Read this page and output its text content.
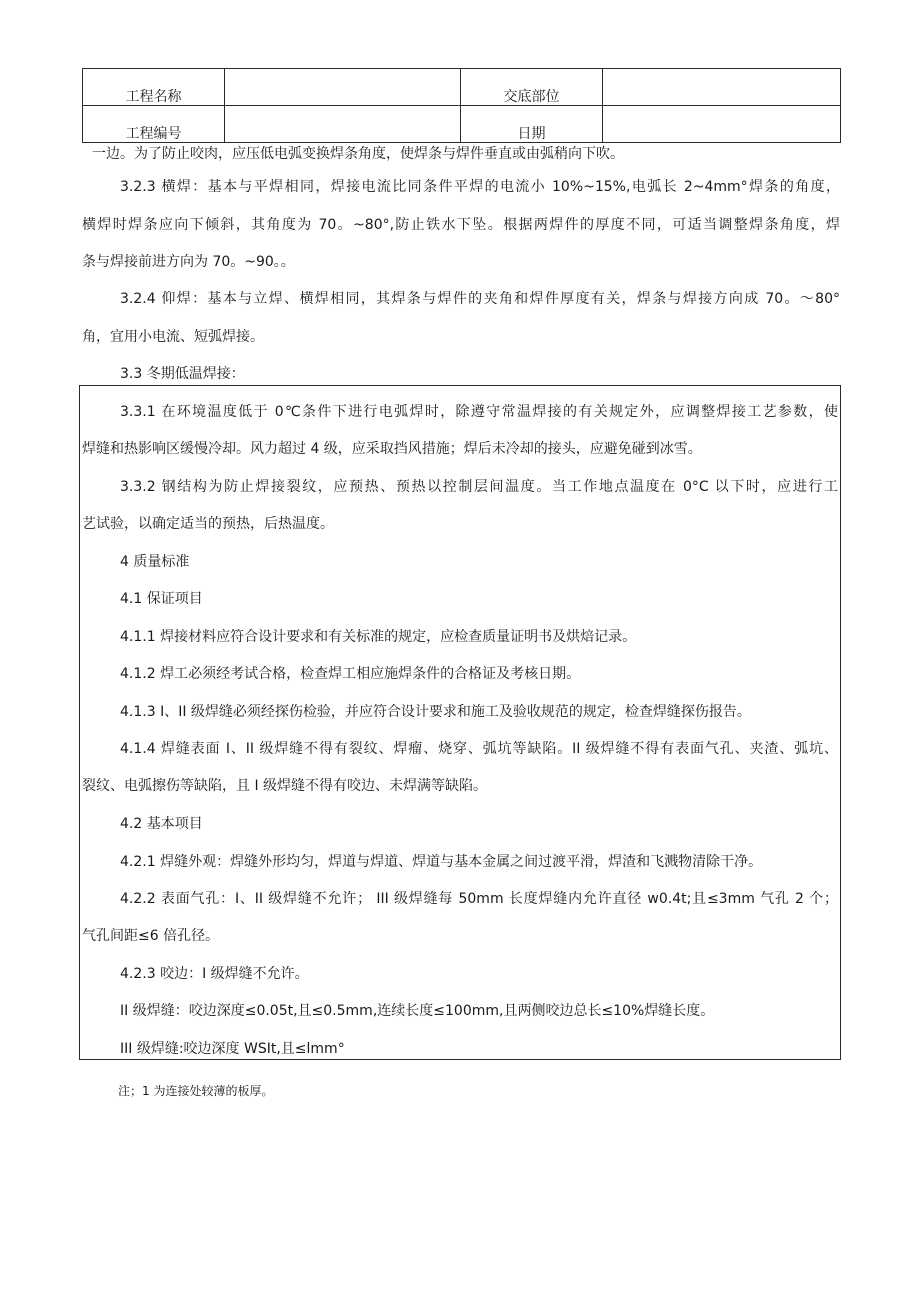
工程名称		交底部位	
工程编号		日期	
一边。为了防止咬肉，应压低电弧变换焊条角度，使焊条与焊件垂直或由弧稍向下吹。
3.2.3 横焊：基本与平焊相同，焊接电流比同条件平焊的电流小 10%~15%,电弧长 2~4mm°焊条的角度，
横焊时焊条应向下倾斜，其角度为 70。~80°,防止铁水下坠。根据两焊件的厚度不同，可适当调整焊条角度，焊
条与焊接前进方向为 70。~90。。
3.2.4 仰焊：基本与立焊、横焊相同，其焊条与焊件的夹角和焊件厚度有关，焊条与焊接方向成 70。～80°
角，宜用小电流、短弧焊接。
3.3 冬期低温焊接：
3.3.1 在环境温度低于 0℃条件下进行电弧焊时，除遵守常温焊接的有关规定外，应调整焊接工艺参数，使
焊缝和热影响区缓慢冷却。风力超过 4 级，应采取挡风措施；焊后未冷却的接头，应避免碰到冰雪。
3.3.2 钢结构为防止焊接裂纹，应预热、预热以控制层间温度。当工作地点温度在 0°C 以下时，应进行工
艺试验，以确定适当的预热，后热温度。
4 质量标准
4.1 保证项目
4.1.1 焊接材料应符合设计要求和有关标准的规定，应检查质量证明书及烘焙记录。
4.1.2 焊工必须经考试合格，检查焊工相应施焊条件的合格证及考核日期。
4.1.3 I、II 级焊缝必须经探伤检验，并应符合设计要求和施工及验收规范的规定，检查焊缝探伤报告。
4.1.4 焊缝表面 I、II 级焊缝不得有裂纹、焊瘤、烧穿、弧坑等缺陷。II 级焊缝不得有表面气孔、夹渣、弧坑、
裂纹、电弧擦伤等缺陷，且 I 级焊缝不得有咬边、未焊满等缺陷。
4.2 基本项目
4.2.1 焊缝外观：焊缝外形均匀，焊道与焊道、焊道与基本金属之间过渡平滑，焊渣和飞溅物清除干净。
4.2.2 表面气孔：I、II 级焊缝不允许； III 级焊缝每 50mm 长度焊缝内允许直径 w0.4t;且≤3mm 气孔 2 个；
气孔间距≤6 倍孔径。
4.2.3 咬边：I 级焊缝不允许。
II 级焊缝：咬边深度≤0.05t,且≤0.5mm,连续长度≤100mm,且两侧咬边总长≤10%焊缝长度。
III 级焊缝:咬边深度 WSIt,且≤lmm°
注；1 为连接处较薄的板厚。
